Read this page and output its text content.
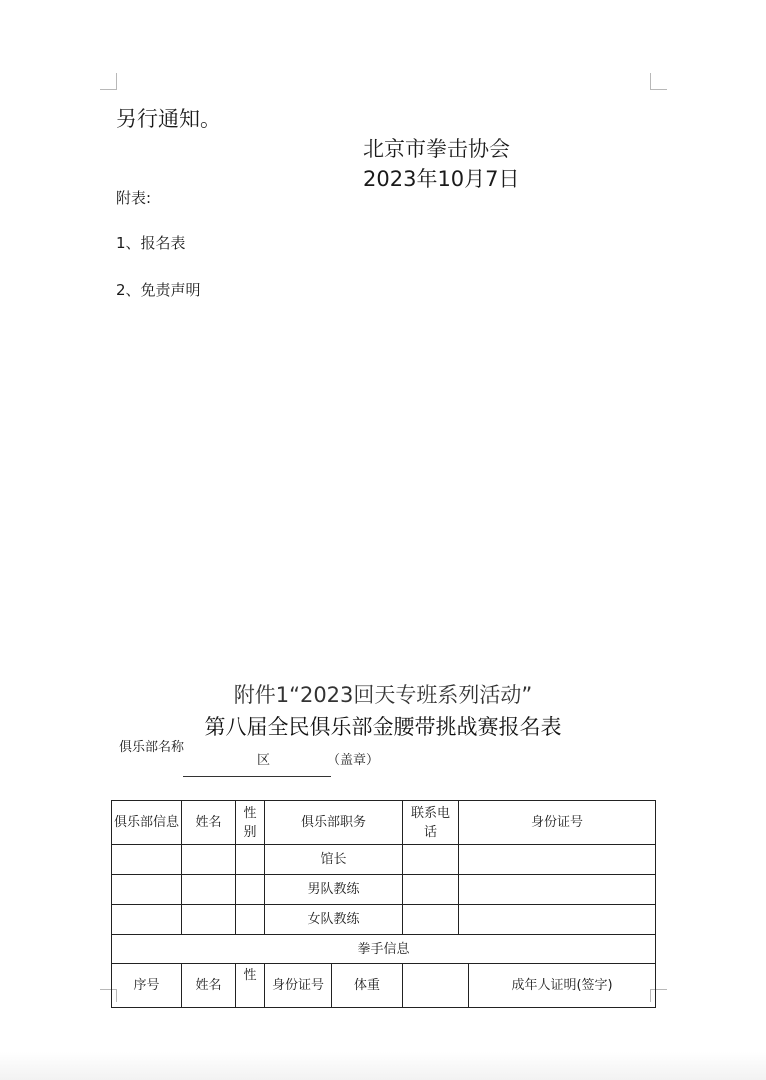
另行通知。
北京市拳击协会
2023年10月7日
附表:
1、报名表
2、免责声明
附件1“2023回天专班系列活动”
第八届全民俱乐部金腰带挑战赛报名表
俱乐部名称
区	（盖章）
俱乐部信息	姓名	性别	俱乐部职务		联系电话	身份证号	
			馆长				
			男队教练				
			女队教练				
拳手信息							
序号	姓名	性	身份证号	体重			成年人证明(签字)
